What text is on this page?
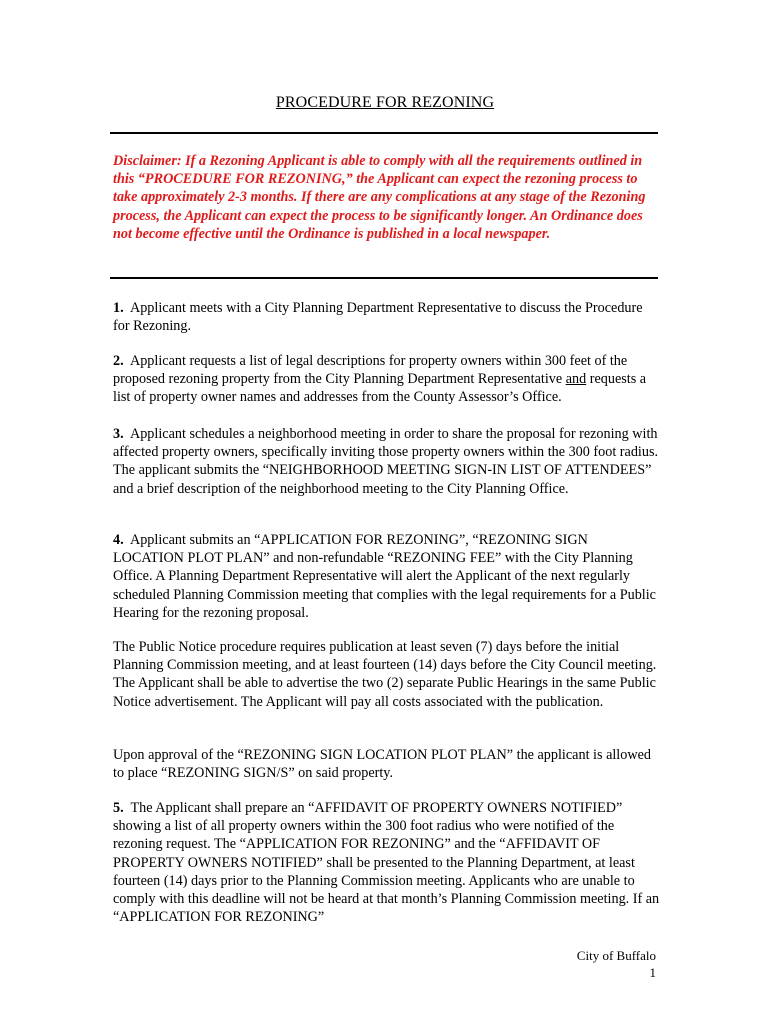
PROCEDURE FOR REZONING
Disclaimer: If a Rezoning Applicant is able to comply with all the requirements outlined in this “PROCEDURE FOR REZONING,” the Applicant can expect the rezoning process to take approximately 2-3 months. If there are any complications at any stage of the Rezoning process, the Applicant can expect the process to be significantly longer. An Ordinance does not become effective until the Ordinance is published in a local newspaper.
1. Applicant meets with a City Planning Department Representative to discuss the Procedure for Rezoning.
2. Applicant requests a list of legal descriptions for property owners within 300 feet of the proposed rezoning property from the City Planning Department Representative and requests a list of property owner names and addresses from the County Assessor’s Office.
3. Applicant schedules a neighborhood meeting in order to share the proposal for rezoning with affected property owners, specifically inviting those property owners within the 300 foot radius. The applicant submits the “NEIGHBORHOOD MEETING SIGN-IN LIST OF ATTENDEES” and a brief description of the neighborhood meeting to the City Planning Office.
4. Applicant submits an “APPLICATION FOR REZONING”, “REZONING SIGN LOCATION PLOT PLAN” and non-refundable “REZONING FEE” with the City Planning Office. A Planning Department Representative will alert the Applicant of the next regularly scheduled Planning Commission meeting that complies with the legal requirements for a Public Hearing for the rezoning proposal.
The Public Notice procedure requires publication at least seven (7) days before the initial Planning Commission meeting, and at least fourteen (14) days before the City Council meeting. The Applicant shall be able to advertise the two (2) separate Public Hearings in the same Public Notice advertisement. The Applicant will pay all costs associated with the publication.
Upon approval of the “REZONING SIGN LOCATION PLOT PLAN” the applicant is allowed to place “REZONING SIGN/S” on said property.
5. The Applicant shall prepare an “AFFIDAVIT OF PROPERTY OWNERS NOTIFIED” showing a list of all property owners within the 300 foot radius who were notified of the rezoning request. The “APPLICATION FOR REZONING” and the “AFFIDAVIT OF PROPERTY OWNERS NOTIFIED” shall be presented to the Planning Department, at least fourteen (14) days prior to the Planning Commission meeting. Applicants who are unable to comply with this deadline will not be heard at that month’s Planning Commission meeting. If an “APPLICATION FOR REZONING”
City of Buffalo
1
